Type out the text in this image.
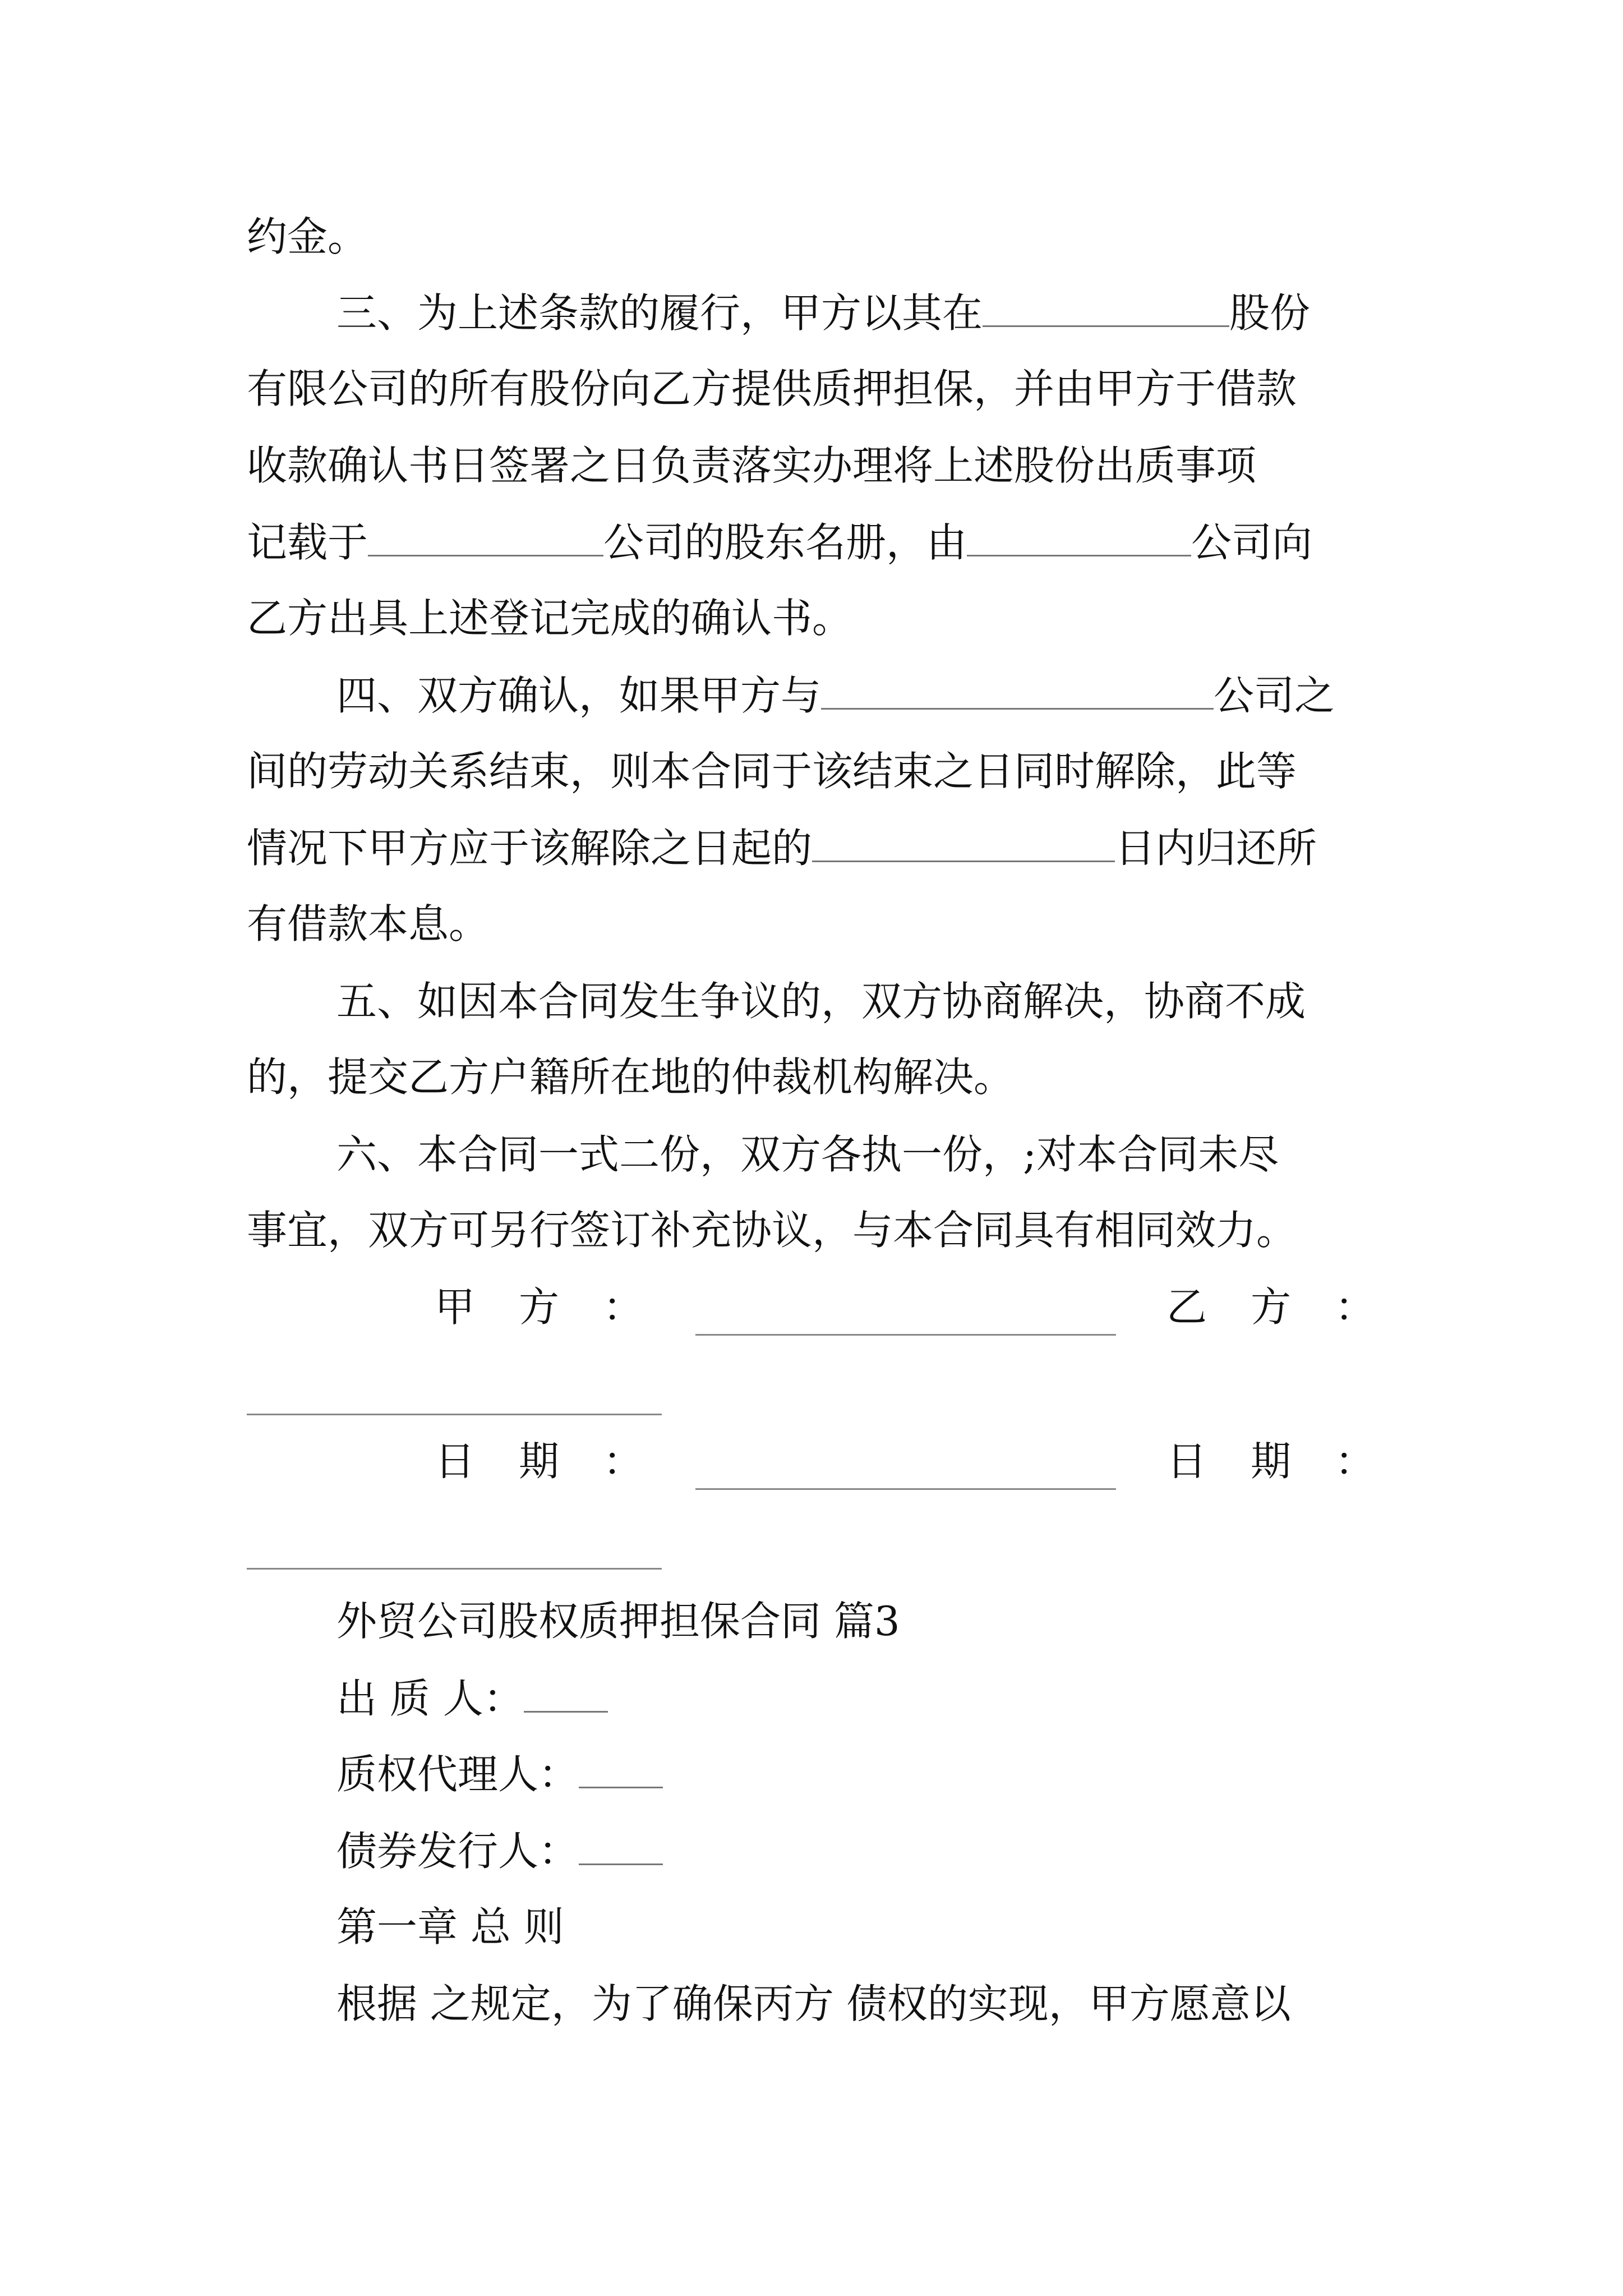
约金。
三、为上述条款的履行，甲方以其在	股份
有限公司的所有股份向乙方提供质押担保，并由甲方于借款
收款确认书日签署之日负责落实办理将上述股份出质事项
记载于	公司的股东名册，由	公司向
乙方出具上述登记完成的确认书。
四、双方确认，如果甲方与	公司之
间的劳动关系结束，则本合同于该结束之日同时解除，此等
情况下甲方应于该解除之日起的	日内归还所
有借款本息。
五、如因本合同发生争议的，双方协商解决，协商不成
的，提交乙方户籍所在地的仲裁机构解决。
六、本合同一式二份，双方各执一份，;对本合同未尽
事宜，双方可另行签订补充协议，与本合同具有相同效力。
甲方：	乙方：
日期：	日期：
外贸公司股权质押担保合同 篇3
出 质 人：
质权代理人：
债券发行人：
第一章 总 则
根据 之规定，为了确保丙方 债权的实现，甲方愿意以
